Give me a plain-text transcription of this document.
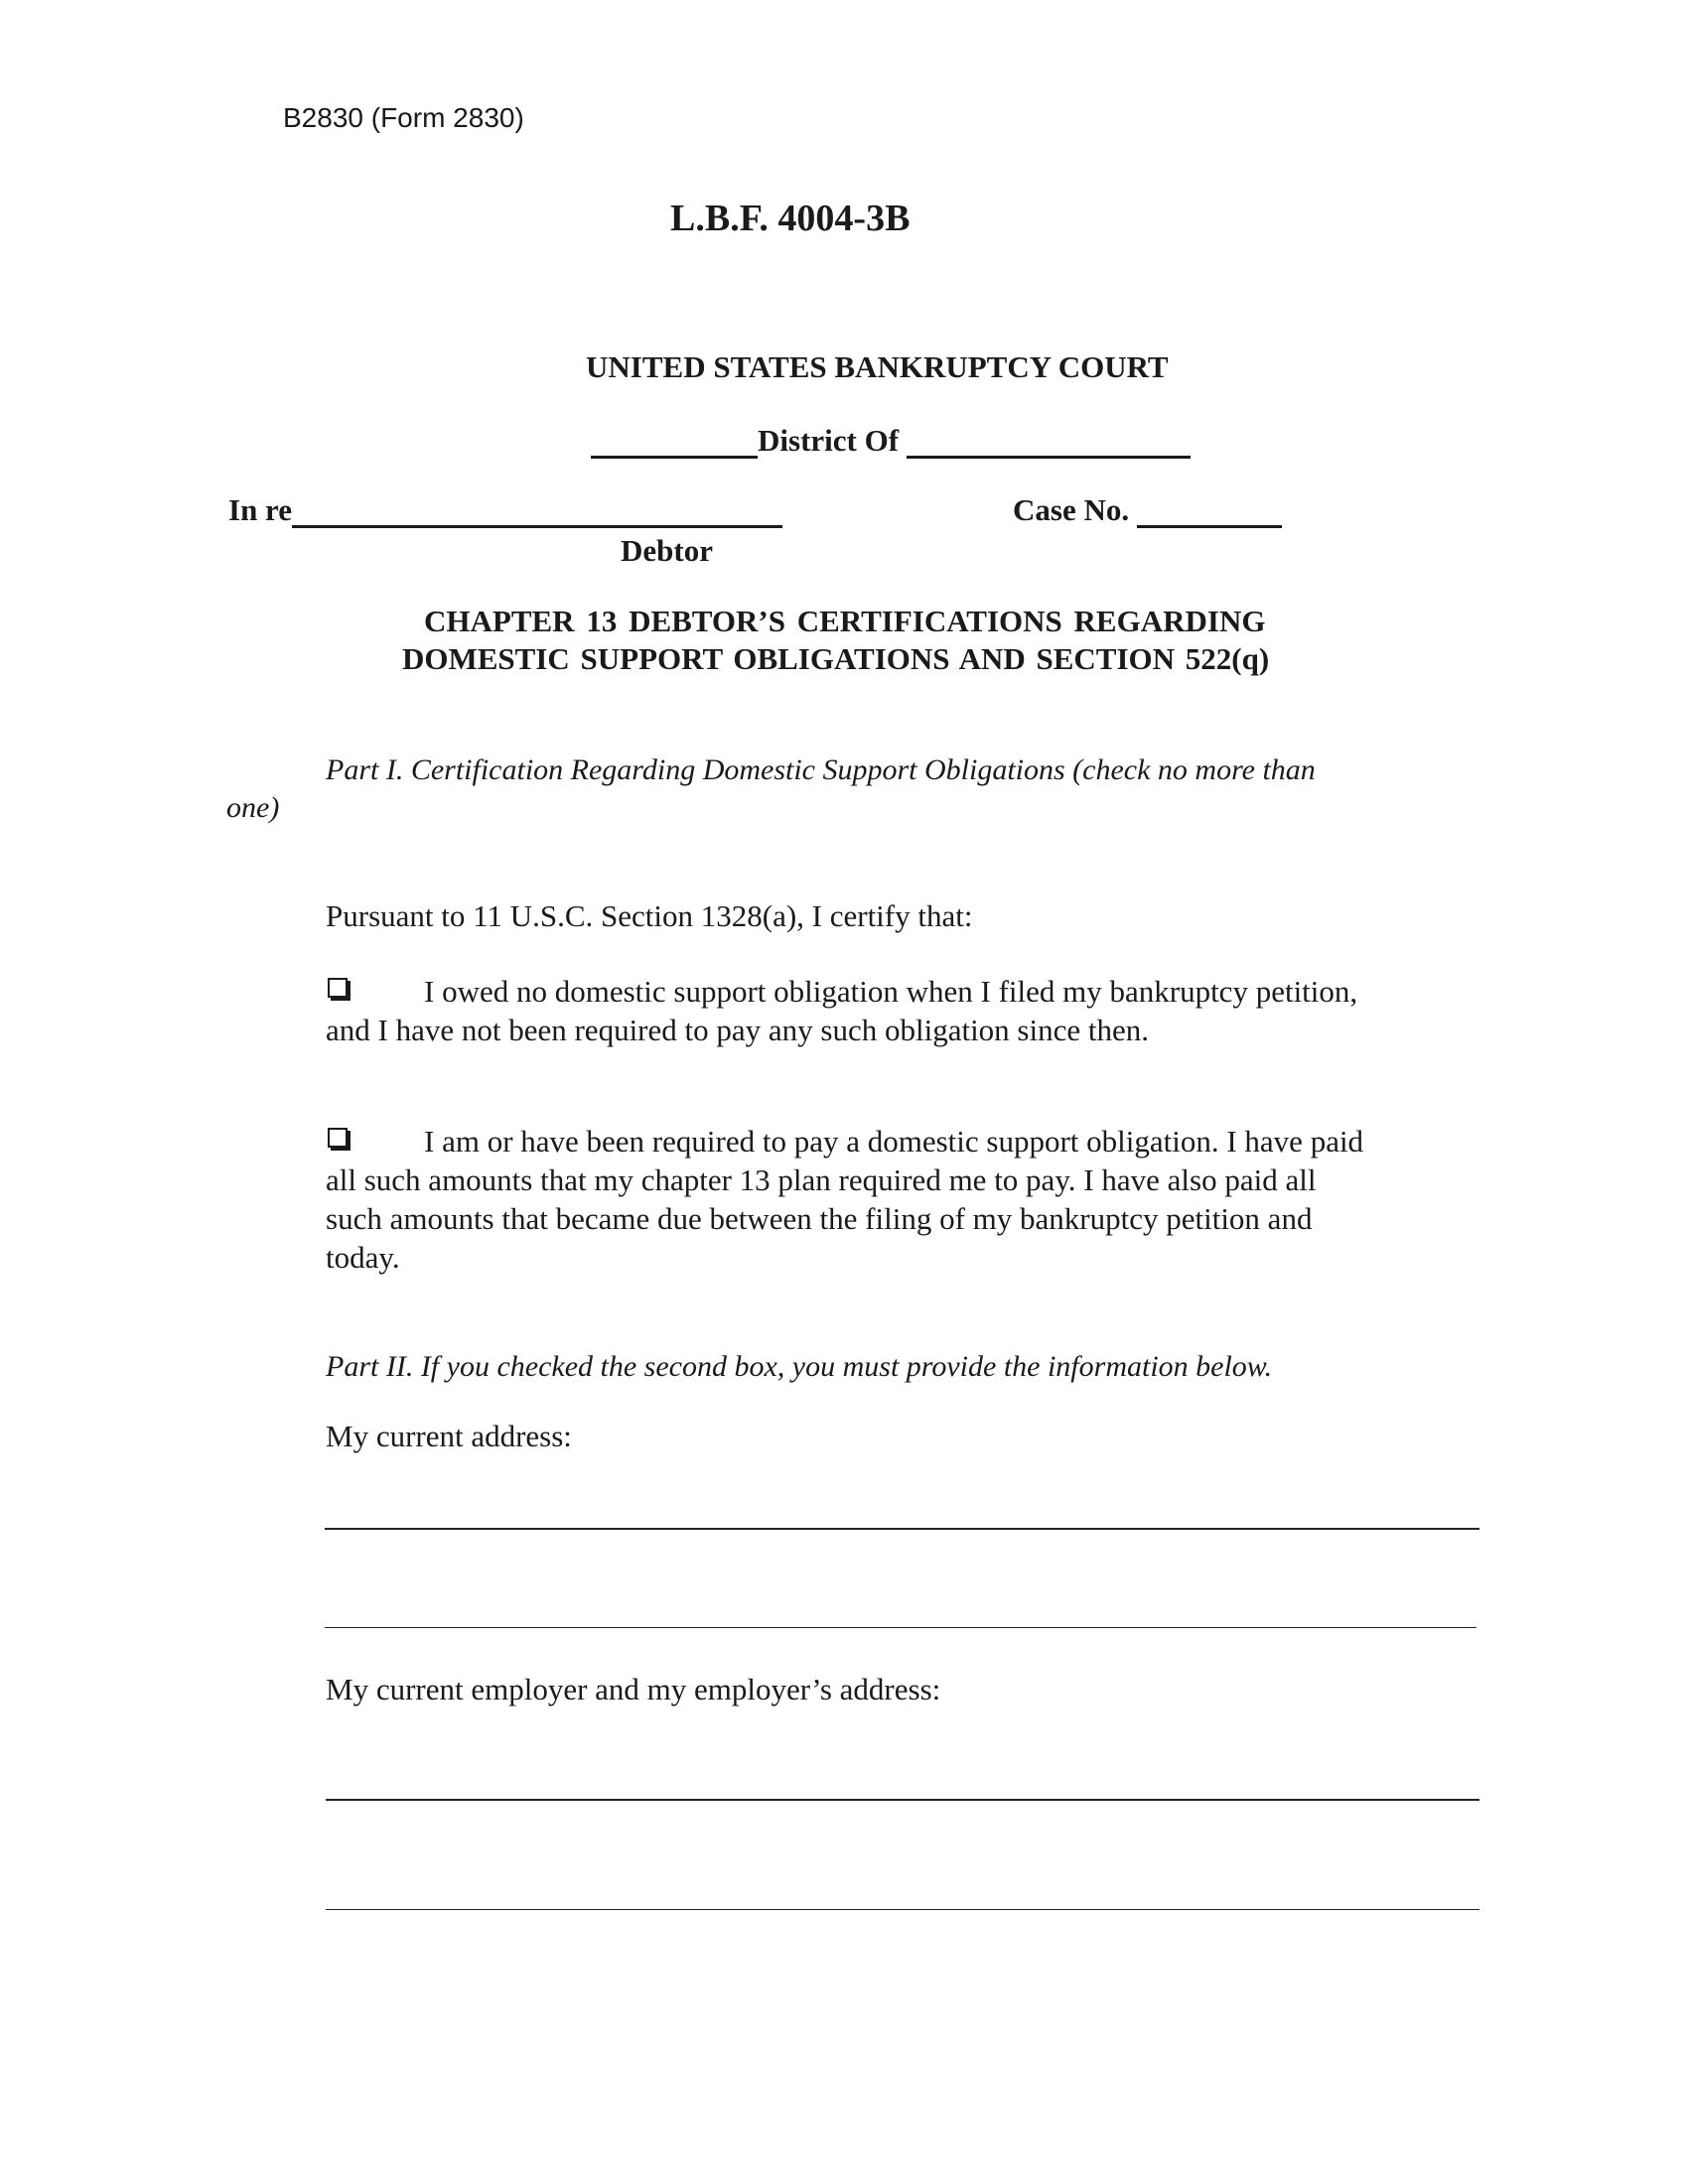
B2830 (Form 2830)
L.B.F. 4004-3B
UNITED STATES BANKRUPTCY COURT
District Of
In re
Debtor
Case No.
CHAPTER 13 DEBTOR’S CERTIFICATIONS REGARDING
DOMESTIC SUPPORT OBLIGATIONS AND SECTION 522(q)
Part I. Certification Regarding Domestic Support Obligations (check no more than
one)
Pursuant to 11 U.S.C. Section 1328(a), I certify that:
I owed no domestic support obligation when I filed my bankruptcy petition,
and I have not been required to pay any such obligation since then.
I am or have been required to pay a domestic support obligation. I have paid
all such amounts that my chapter 13 plan required me to pay. I have also paid all
such amounts that became due between the filing of my bankruptcy petition and
today.
Part II. If you checked the second box, you must provide the information below.
My current address:
My current employer and my employer’s address:
